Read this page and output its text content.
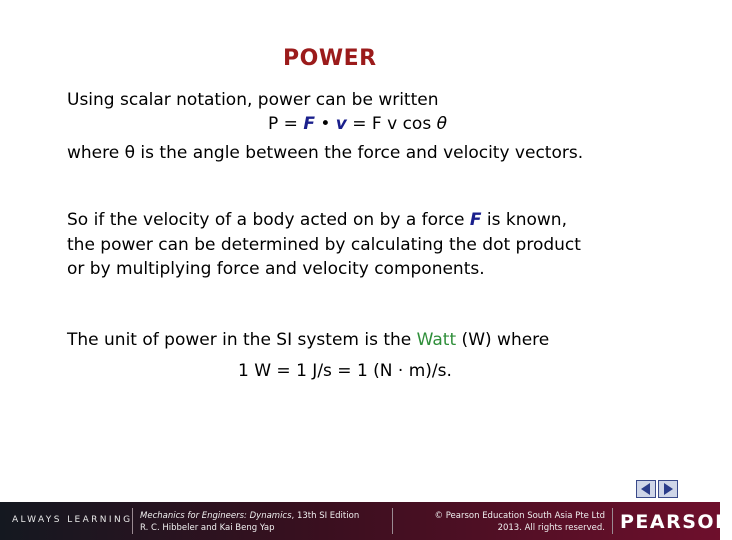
POWER
Using scalar notation, power can be written
P = F • v = F v cos θ
where θ is the angle between the force and velocity vectors.
So if the velocity of a body acted on by a force F is known,
the power can be determined by calculating the dot product
or by multiplying force and velocity components.
The unit of power in the SI system is the Watt (W) where
1 W = 1 J/s = 1 (N · m)/s.
ALWAYS LEARNING Mechanics for Engineers: Dynamics, 13th SI Edition
R. C. Hibbeler and Kai Beng Yap
© Pearson Education South Asia Pte Ltd
2013. All rights reserved. PEARSON
